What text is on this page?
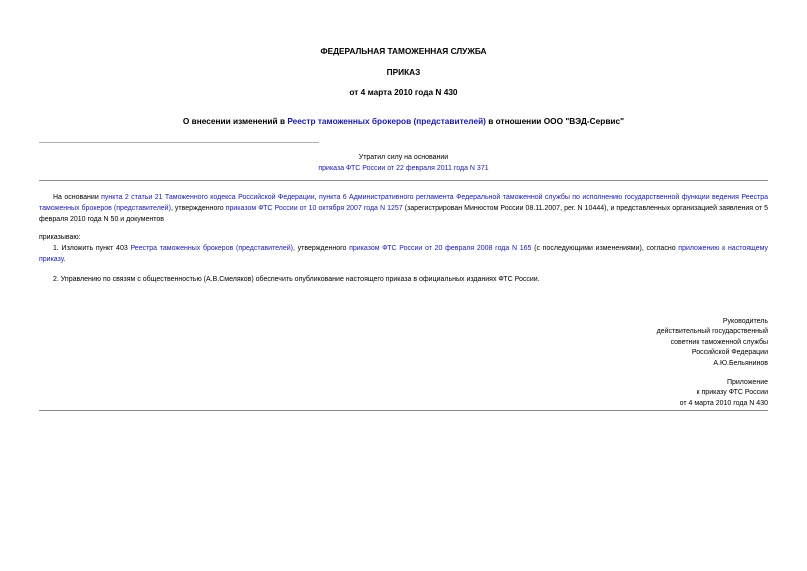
ФЕДЕРАЛЬНАЯ ТАМОЖЕННАЯ СЛУЖБА
ПРИКАЗ
от 4 марта 2010 года N 430
О внесении изменений в Реестр таможенных брокеров (представителей) в отношении ООО "ВЭД-Сервис"
Утратил силу на основании
приказа ФТС России от 22 февраля 2011 года N 371
На основании пункта 2 статьи 21 Таможенного кодекса Российской Федерации, пункта 6 Административного регламента Федеральной таможенной службы по исполнению государственной функции ведения Реестра таможенных брокеров (представителей), утвержденного приказом ФТС России от 10 октября 2007 года N 1257 (зарегистрирован Минюстом России 08.11.2007, рег. N 10444), и представленных организацией заявления от 5 февраля 2010 года N 50 и документов
приказываю:
1. Изложить пункт 403 Реестра таможенных брокеров (представителей), утвержденного приказом ФТС России от 20 февраля 2008 года N 165 (с последующими изменениями), согласно приложению к настоящему приказу.
2. Управлению по связям с общественностью (А.В.Смеляков) обеспечить опубликование настоящего приказа в официальных изданиях ФТС России.
Руководитель
действительный государственный
советник таможенной службы
Российской Федерации
А.Ю.Бельянинов
Приложение
к приказу ФТС России
от 4 марта 2010 года N 430
